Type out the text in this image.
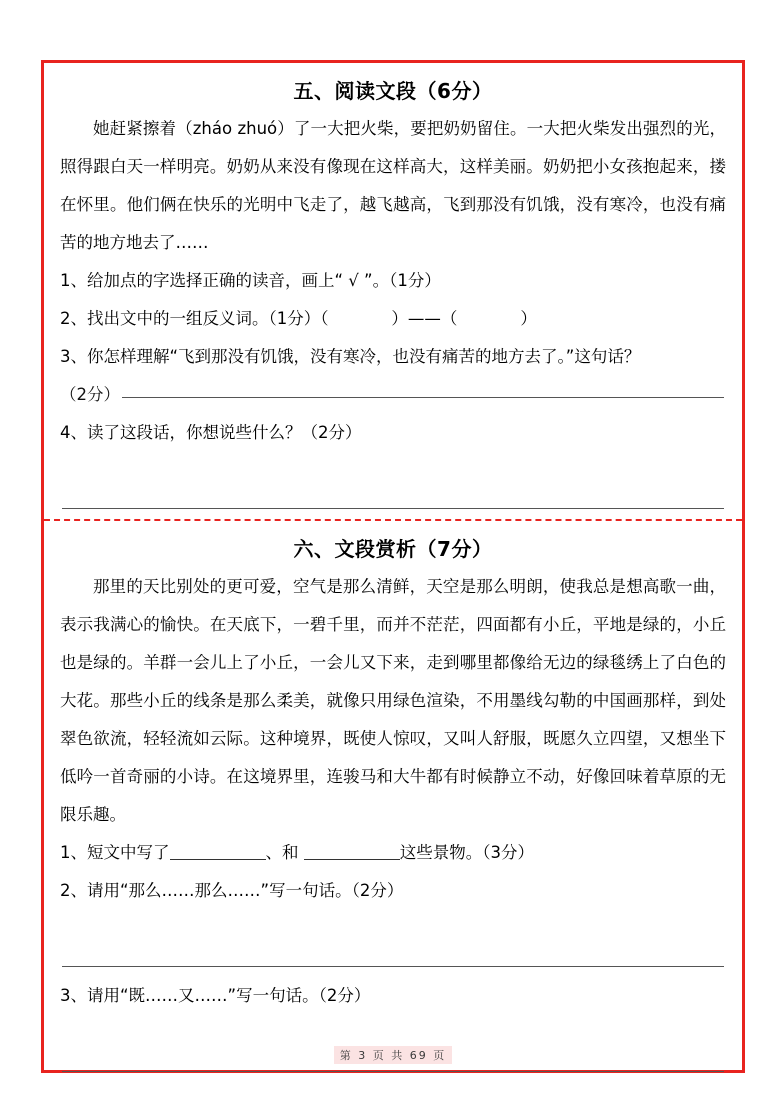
五、阅读文段（6分）
她赶紧擦着（zháo zhuó）了一大把火柴，要把奶奶留住。一大把火柴发出强烈的光，照得跟白天一样明亮。奶奶从来没有像现在这样高大，这样美丽。奶奶把小女孩抱起来，搂在怀里。他们俩在快乐的光明中飞走了，越飞越高，飞到那没有饥饿，没有寒冷，也没有痛苦的地方地去了……
1、给加点的字选择正确的读音，画上“ √ ”。（1分）
2、找出文中的一组反义词。（1分）（            ）——（            ）
3、你怎样理解“飞到那没有饥饿，没有寒冷，也没有痛苦的地方去了。”这句话？
（2分）
4、读了这段话，你想说些什么？（2分）
六、文段赏析（7分）
那里的天比别处的更可爱，空气是那么清鲜，天空是那么明朗，使我总是想高歌一曲，表示我满心的愉快。在天底下，一碧千里，而并不茫茫，四面都有小丘，平地是绿的，小丘也是绿的。羊群一会儿上了小丘，一会儿又下来，走到哪里都像给无边的绿毯绣上了白色的大花。那些小丘的线条是那么柔美，就像只用绿色渲染，不用墨线勾勒的中国画那样，到处翠色欲流，轻轻流如云际。这种境界，既使人惊叹，又叫人舒服，既愿久立四望，又想坐下低吟一首奇丽的小诗。在这境界里，连骏马和大牛都有时候静立不动，好像回味着草原的无限乐趣。
1、短文中写了	、和	这些景物。（3分）
2、请用“那么……那么……”写一句话。（2分）
3、请用“既……又……”写一句话。（2分）
第 3 页 共 69 页
